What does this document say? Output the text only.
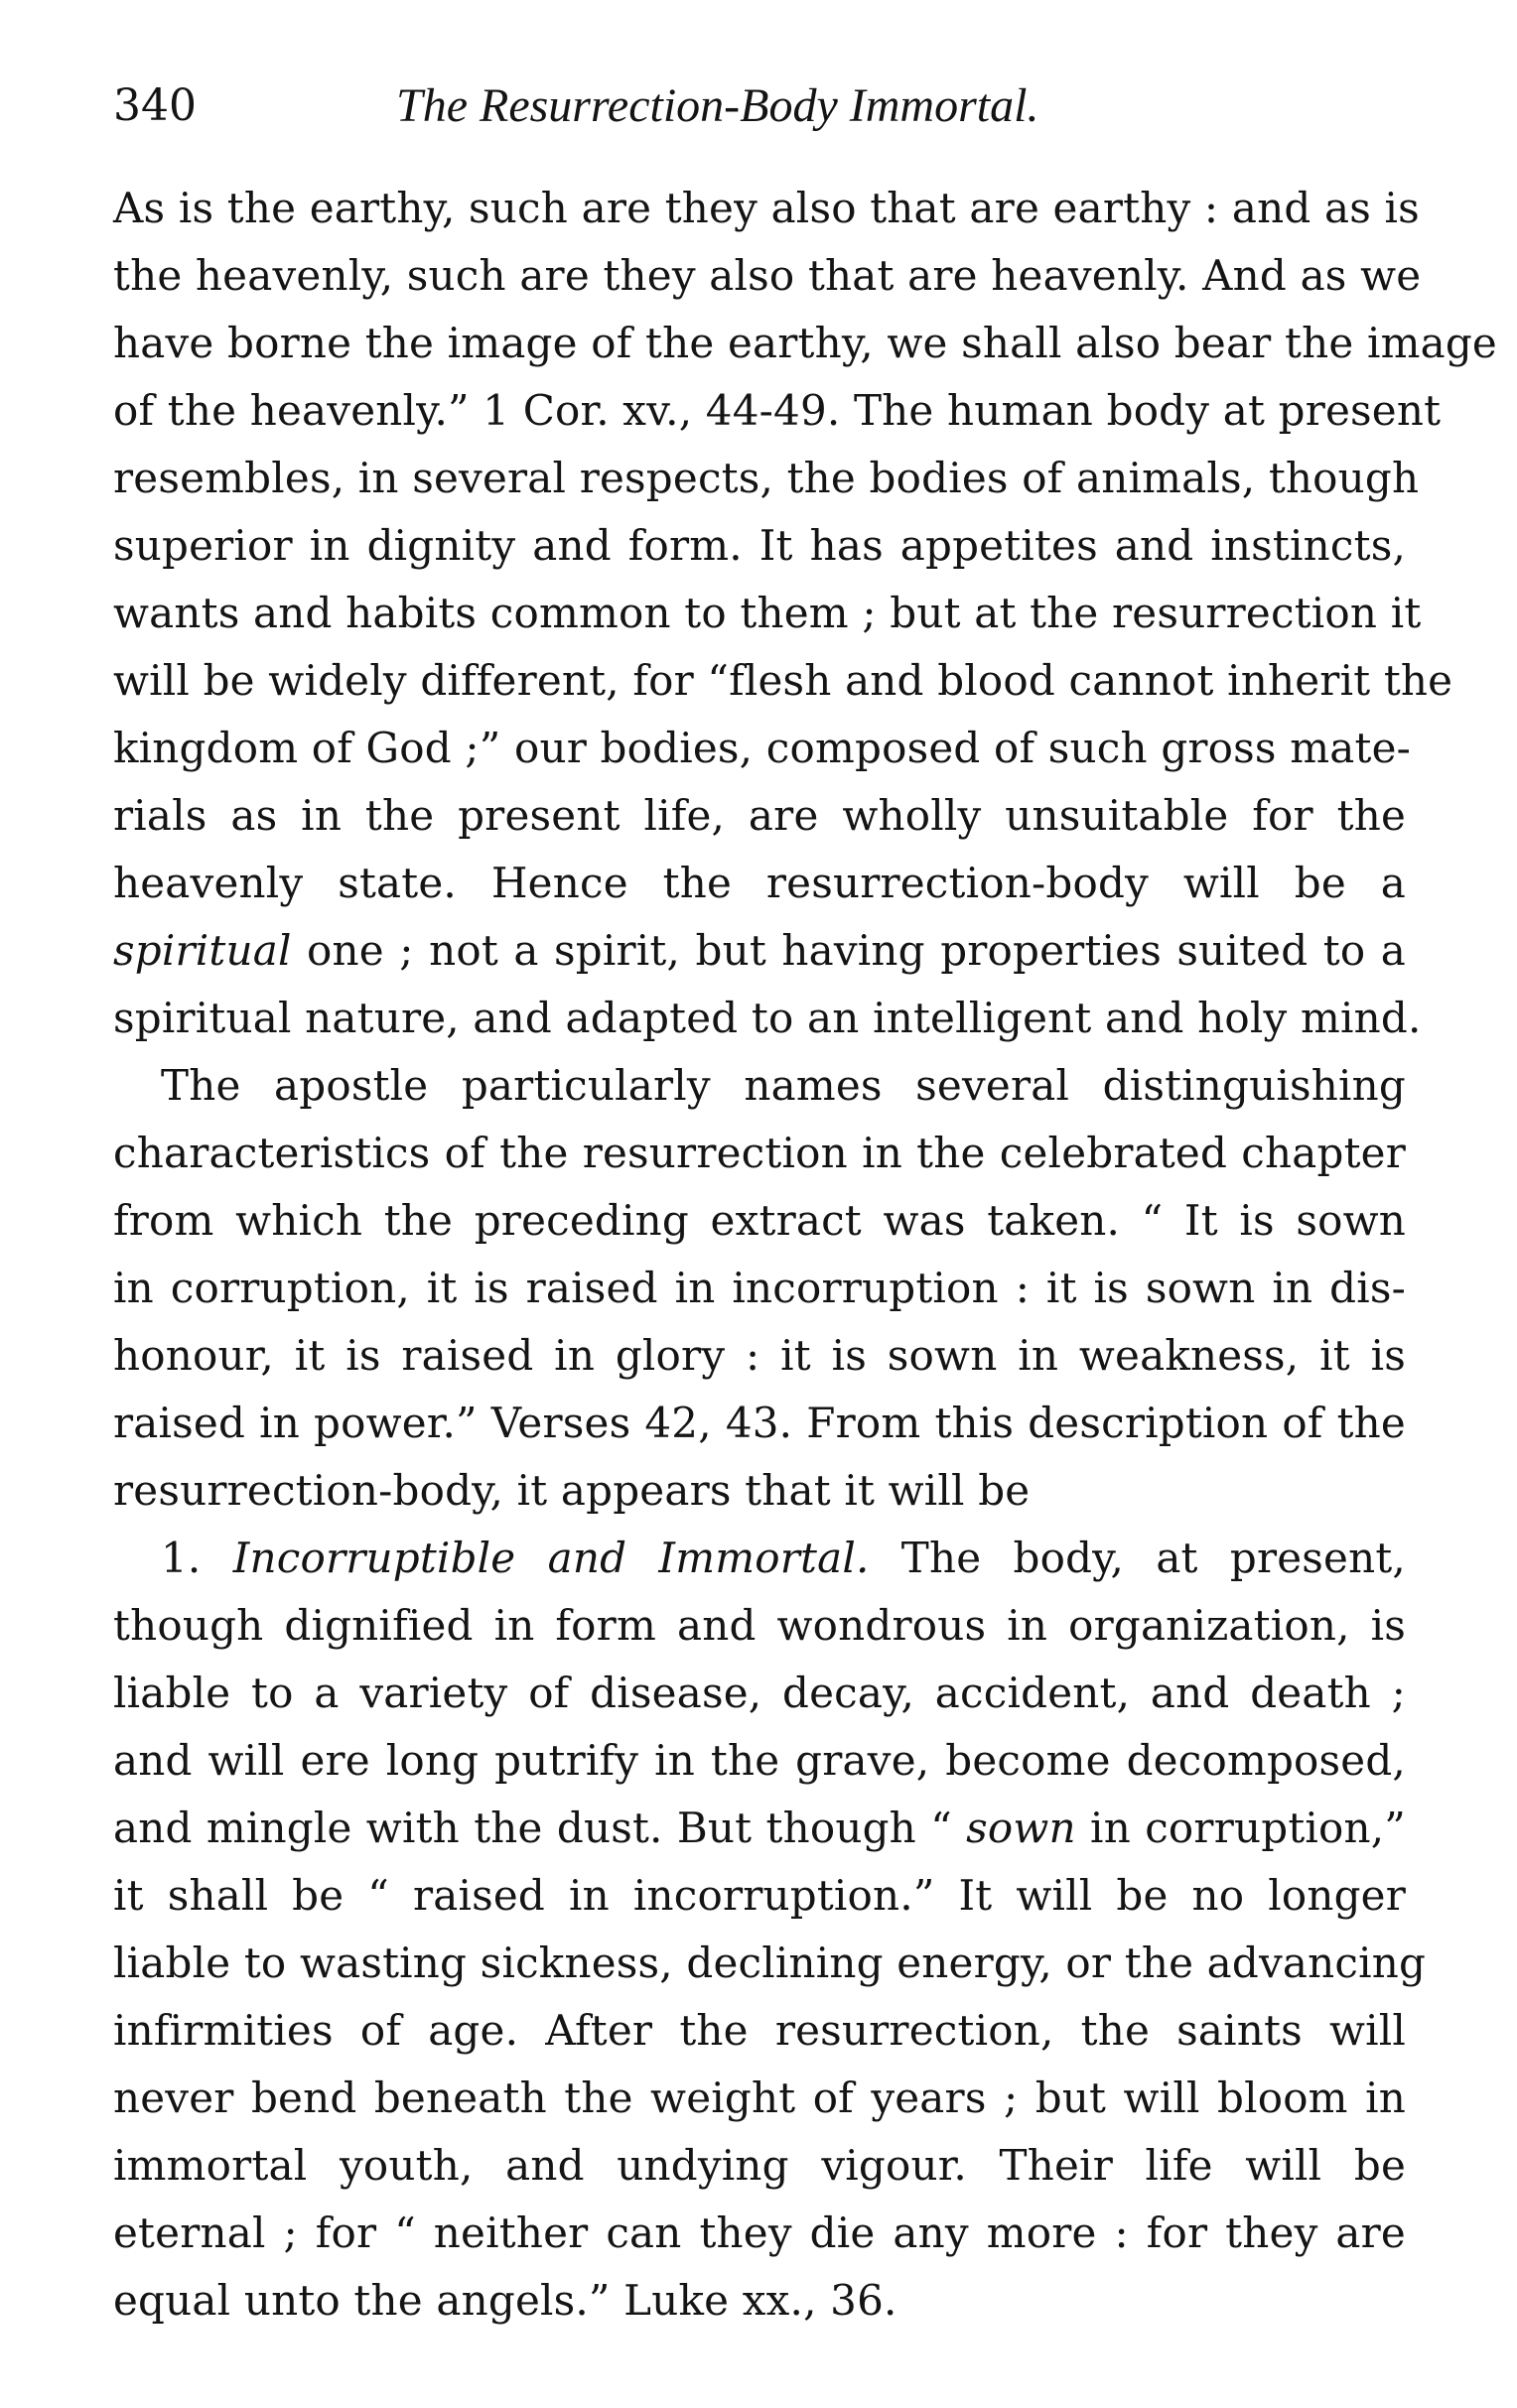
340	The Resurrection-Body Immortal.
As is the earthy, such are they also that are earthy : and as is
the heavenly, such are they also that are heavenly. And as we
have borne the image of the earthy, we shall also bear the image
of the heavenly.” 1 Cor. xv., 44-49. The human body at present
resembles, in several respects, the bodies of animals, though
superior in dignity and form. It has appetites and instincts,
wants and habits common to them ; but at the resurrection it
will be widely different, for “flesh and blood cannot inherit the
kingdom of God ;” our bodies, composed of such gross mate-
rials as in the present life, are wholly unsuitable for the
heavenly state. Hence the resurrection-body will be a
spiritual one ; not a spirit, but having properties suited to a
spiritual nature, and adapted to an intelligent and holy mind.
The apostle particularly names several distinguishing
characteristics of the resurrection in the celebrated chapter
from which the preceding extract was taken. “ It is sown
in corruption, it is raised in incorruption : it is sown in dis-
honour, it is raised in glory : it is sown in weakness, it is
raised in power.” Verses 42, 43. From this description of the
resurrection-body, it appears that it will be
1. Incorruptible and Immortal. The body, at present,
though dignified in form and wondrous in organization, is
liable to a variety of disease, decay, accident, and death ;
and will ere long putrify in the grave, become decomposed,
and mingle with the dust. But though “ sown in corruption,”
it shall be “ raised in incorruption.” It will be no longer
liable to wasting sickness, declining energy, or the advancing
infirmities of age. After the resurrection, the saints will
never bend beneath the weight of years ; but will bloom in
immortal youth, and undying vigour. Their life will be
eternal ; for “ neither can they die any more : for they are
equal unto the angels.” Luke xx., 36.
